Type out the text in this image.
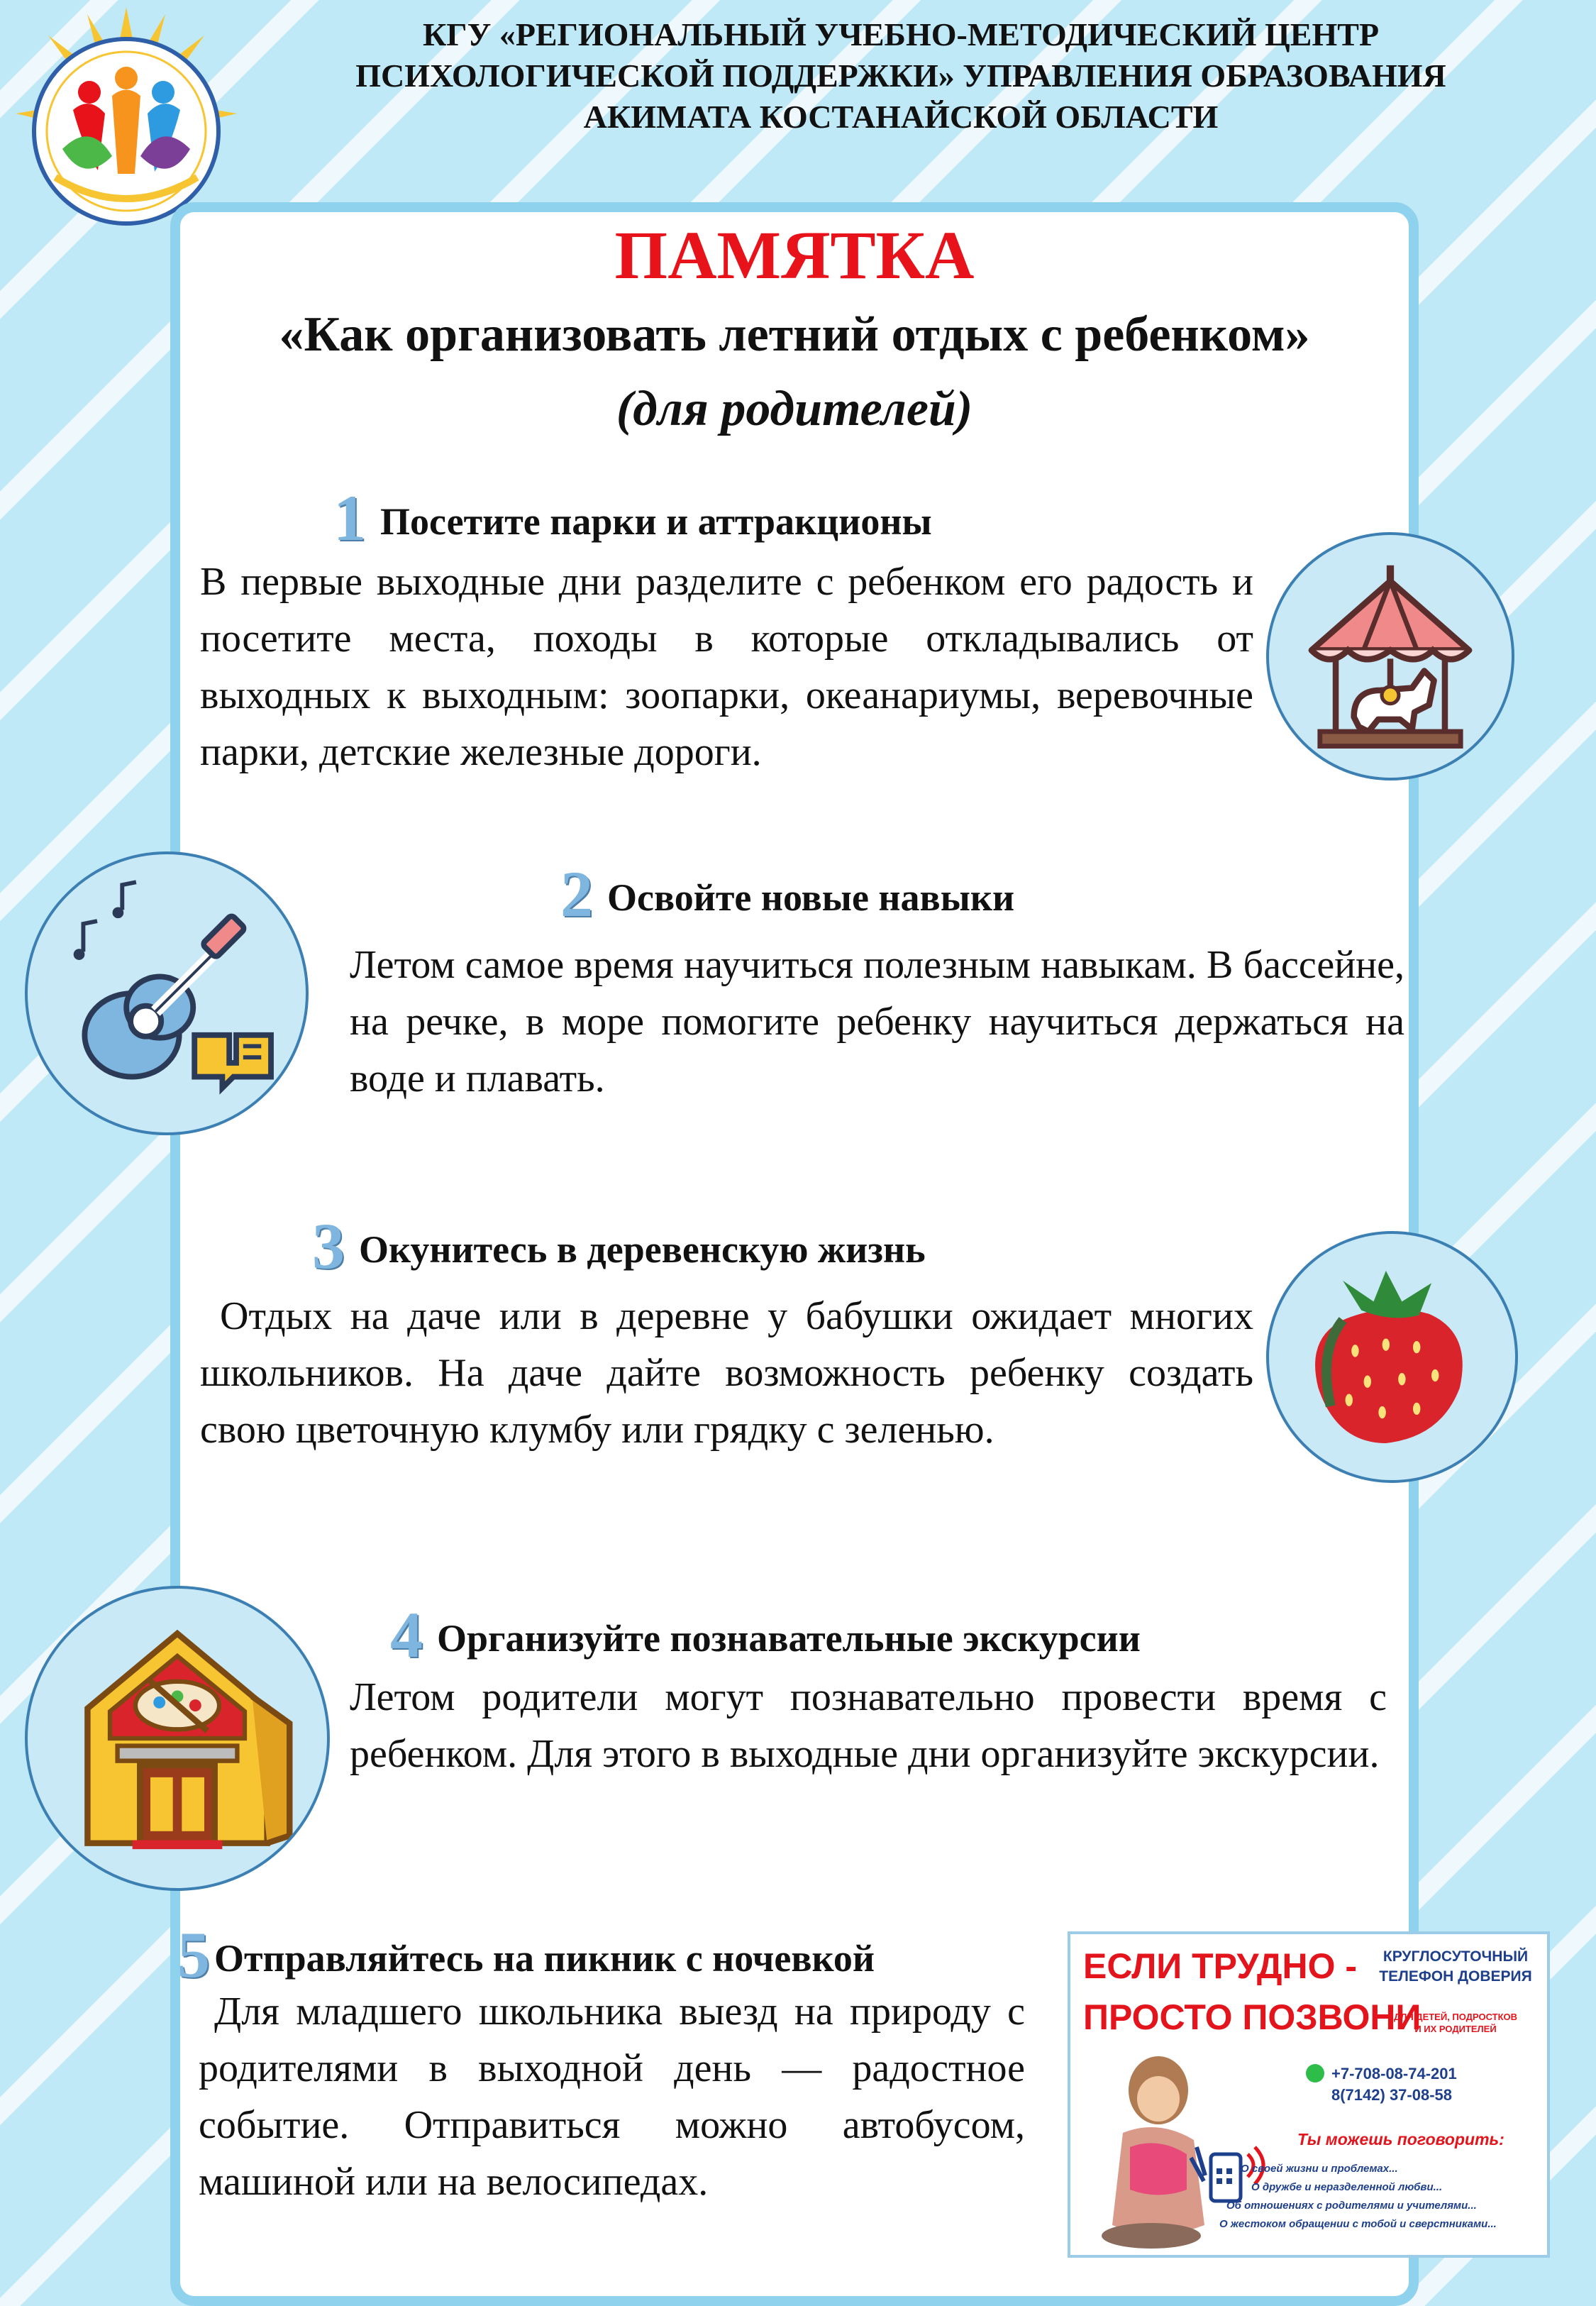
КГУ «РЕГИОНАЛЬНЫЙ УЧЕБНО-МЕТОДИЧЕСКИЙ ЦЕНТР
ПСИХОЛОГИЧЕСКОЙ ПОДДЕРЖКИ» УПРАВЛЕНИЯ ОБРАЗОВАНИЯ
АКИМАТА КОСТАНАЙСКОЙ ОБЛАСТИ
ПАМЯТКА
«Как организовать летний отдых с ребенком»
(для родителей)
1 Посетите парки и аттракционы
В первые выходные дни разделите с ребенком его радость и посетите места, походы в которые откладывались от выходных к выходным: зоопарки, океанариумы, веревочные парки, детские железные дороги.
2 Освойте новые навыки
Летом самое время научиться полезным навыкам. В бассейне, на речке, в море помогите ребенку научиться держаться на воде и плавать.
3 Окунитесь в деревенскую жизнь
Отдых на даче или в деревне у бабушки ожидает многих школьников. На даче дайте возможность ребенку создать свою цветочную клумбу или грядку с зеленью.
4 Организуйте познавательные экскурсии
Летом родители могут познавательно провести время с ребенком. Для этого в выходные дни организуйте экскурсии.
5 Отправляйтесь на пикник с ночевкой
Для младшего школьника выезд на природу с родителями в выходной день — радостное событие. Отправиться можно автобусом, машиной или на велосипедах.
ЕСЛИ ТРУДНО -
ПРОСТО ПОЗВОНИ
КРУГЛОСУТОЧНЫЙ
ТЕЛЕФОН ДОВЕРИЯ
ДЛЯ ДЕТЕЙ, ПОДРОСТКОВ
И ИХ РОДИТЕЛЕЙ
+7-708-08-74-201
8(7142) 37-08-58
Ты можешь поговорить:
О своей жизни и проблемах...
О дружбе и неразделенной любви...
Об отношениях с родителями и учителями...
О жестоком обращении с тобой и сверстниками...
